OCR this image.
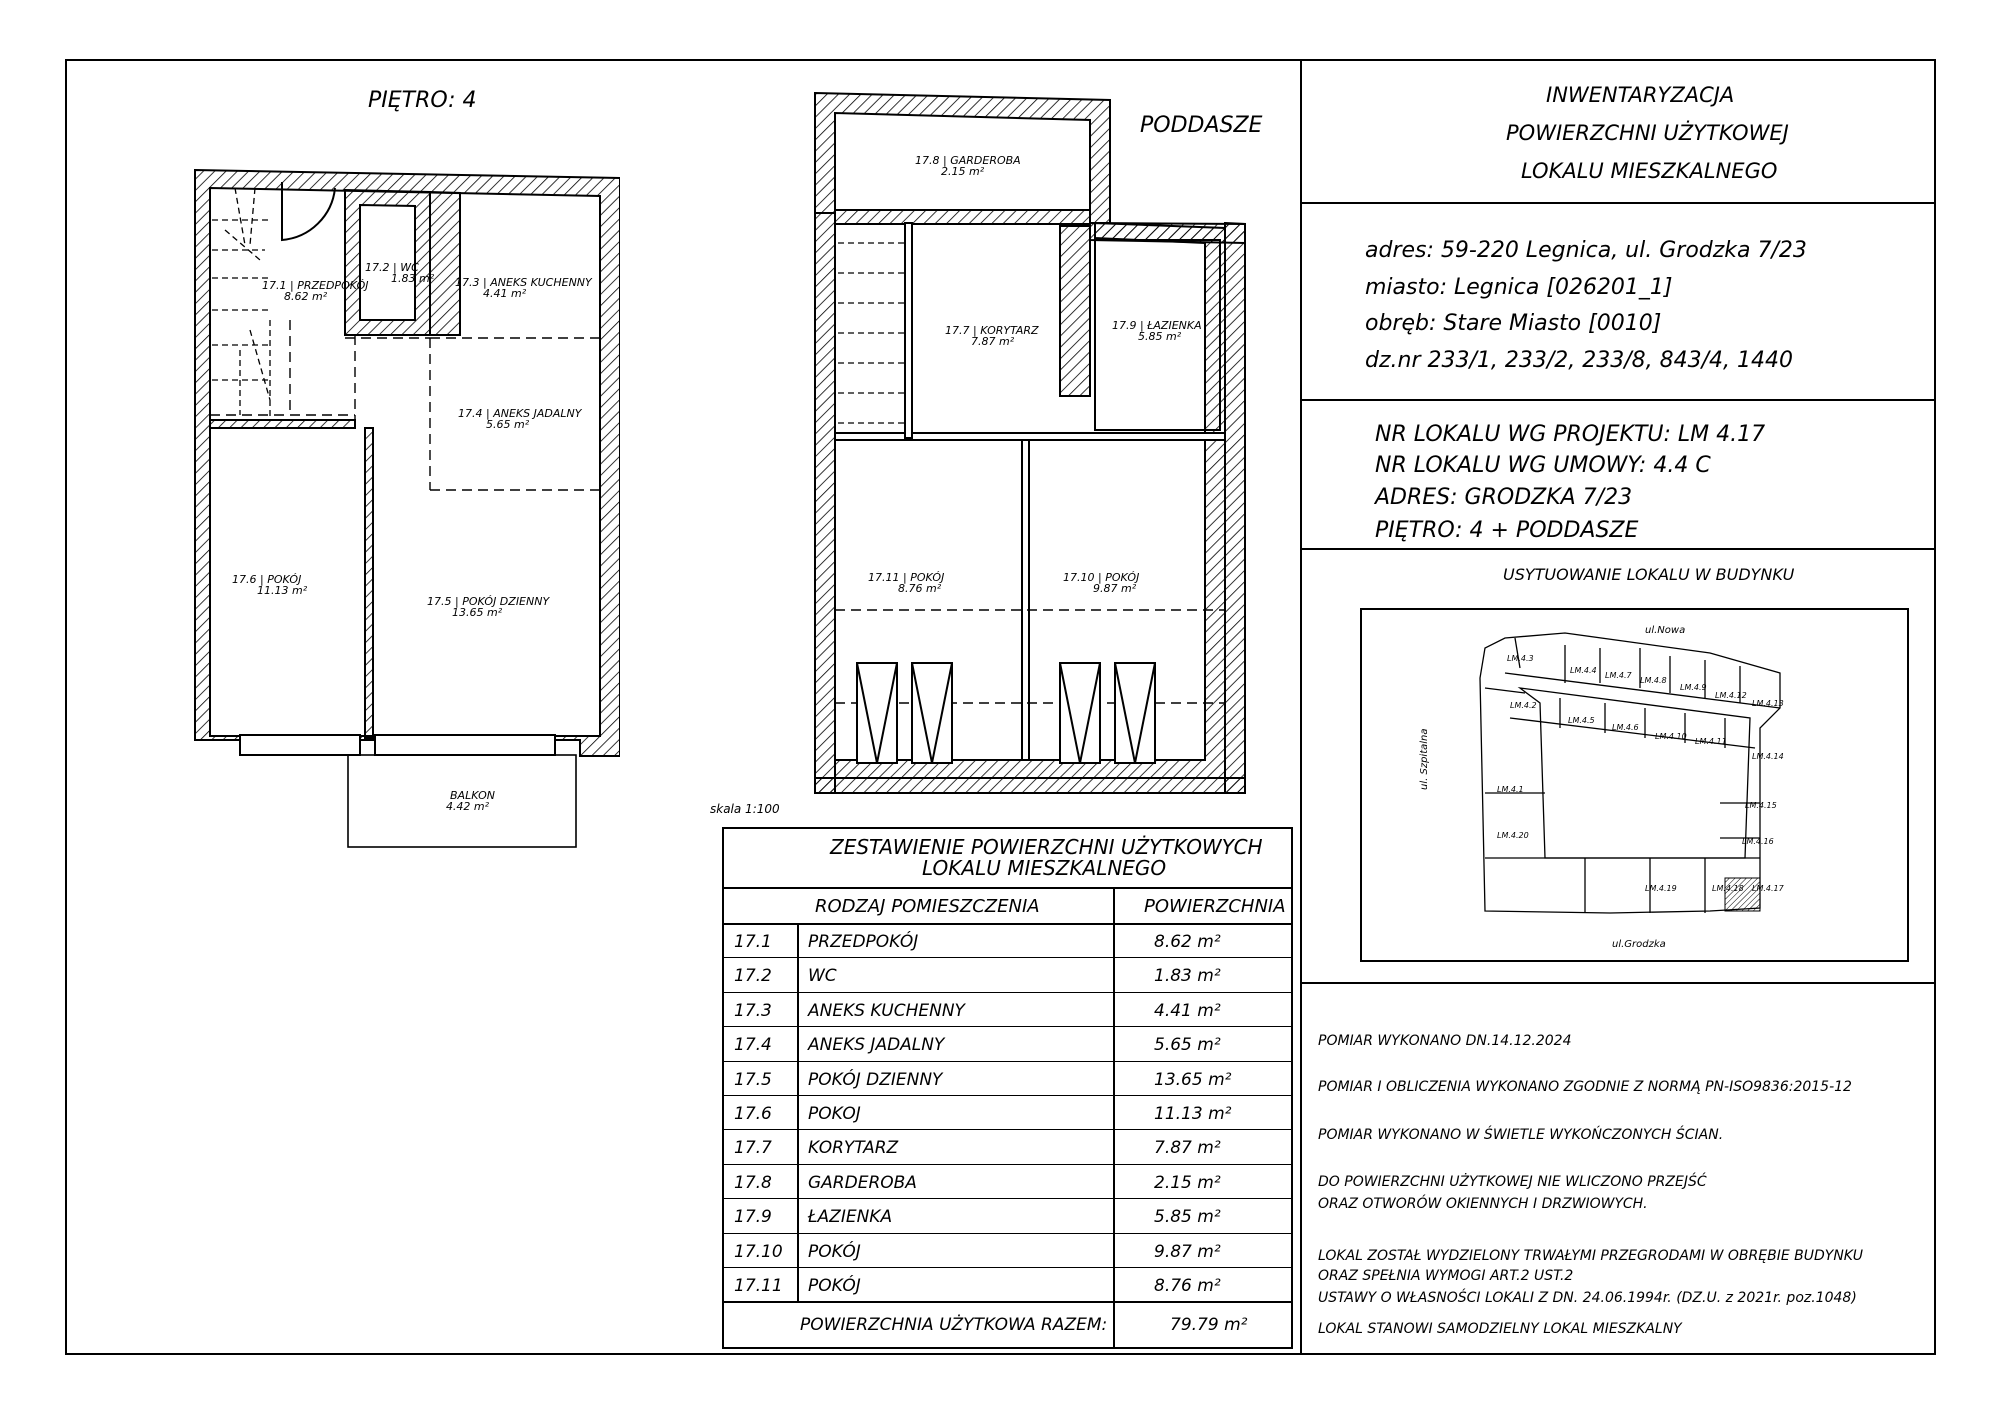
PIĘTRO: 4
17.1 | PRZEDPOKÓJ
8.62 m²
17.2 | WC
1.83 m² 17.3 | ANEKS KUCHENNY
4.41 m²
17.4 | ANEKS JADALNY
5.65 m²
17.5 | POKÓJ DZIENNY
13.65 m²
17.6 | POKÓJ
11.13 m²
BALKON
4.42 m²
PODDASZE
17.8 | GARDEROBA
2.15 m²
17.7 | KORYTARZ
7.87 m²
17.9 | ŁAZIENKA
5.85 m²
17.11 | POKÓJ
8.76 m²
17.10 | POKÓJ
9.87 m²
skala 1:100
ZESTAWIENIE POWIERZCHNI UŻYTKOWYCH
LOKALU MIESZKALNEGO
RODZAJ POMIESZCZENIA	POWIERZCHNIA
17.1 PRZEDPOKÓJ	8.62 m²
17.2 WC	1.83 m²
17.3 ANEKS KUCHENNY	4.41 m²
17.4 ANEKS JADALNY	5.65 m²
17.5 POKÓJ DZIENNY	13.65 m²
17.6 POKOJ	11.13 m²
17.7 KORYTARZ	7.87 m²
17.8 GARDEROBA	2.15 m²
17.9 ŁAZIENKA	5.85 m²
17.10 POKÓJ	9.87 m²
17.11 POKÓJ	8.76 m²
POWIERZCHNIA UŻYTKOWA RAZEM:	79.79 m²
INWENTARYZACJA
POWIERZCHNI UŻYTKOWEJ
LOKALU MIESZKALNEGO
adres: 59-220 Legnica, ul. Grodzka 7/23
miasto: Legnica [026201_1]
obręb: Stare Miasto [0010]
dz.nr 233/1, 233/2, 233/8, 843/4, 1440
NR LOKALU WG PROJEKTU: LM 4.17
NR LOKALU WG UMOWY: 4.4 C
ADRES: GRODZKA 7/23
PIĘTRO: 4 + PODDASZE
USYTUOWANIE LOKALU W BUDYNKU
ul.Nowa
ul. Szpitalna
ul.Grodzka
LM.4.3
LM.4.4
LM.4.7
LM.4.8
LM.4.9
LM.4.12
LM.4.13
LM.4.2
LM.4.5
LM.4.6
LM.4.10
LM.4.11
LM.4.14
LM.4.1
LM.4.15
LM.4.20
LM.4.16
LM.4.19	LM.4.18 LM.4.17
POMIAR WYKONANO DN.14.12.2024
POMIAR I OBLICZENIA WYKONANO ZGODNIE Z NORMĄ PN-ISO9836:2015-12
POMIAR WYKONANO W ŚWIETLE WYKOŃCZONYCH ŚCIAN.
DO POWIERZCHNI UŻYTKOWEJ NIE WLICZONO PRZEJŚĆ
ORAZ OTWORÓW OKIENNYCH I DRZWIOWYCH.
LOKAL ZOSTAŁ WYDZIELONY TRWAŁYMI PRZEGRODAMI W OBRĘBIE BUDYNKU
ORAZ SPEŁNIA WYMOGI ART.2 UST.2
USTAWY O WŁASNOŚCI LOKALI Z DN. 24.06.1994r. (DZ.U. z 2021r. poz.1048)
LOKAL STANOWI SAMODZIELNY LOKAL MIESZKALNY
